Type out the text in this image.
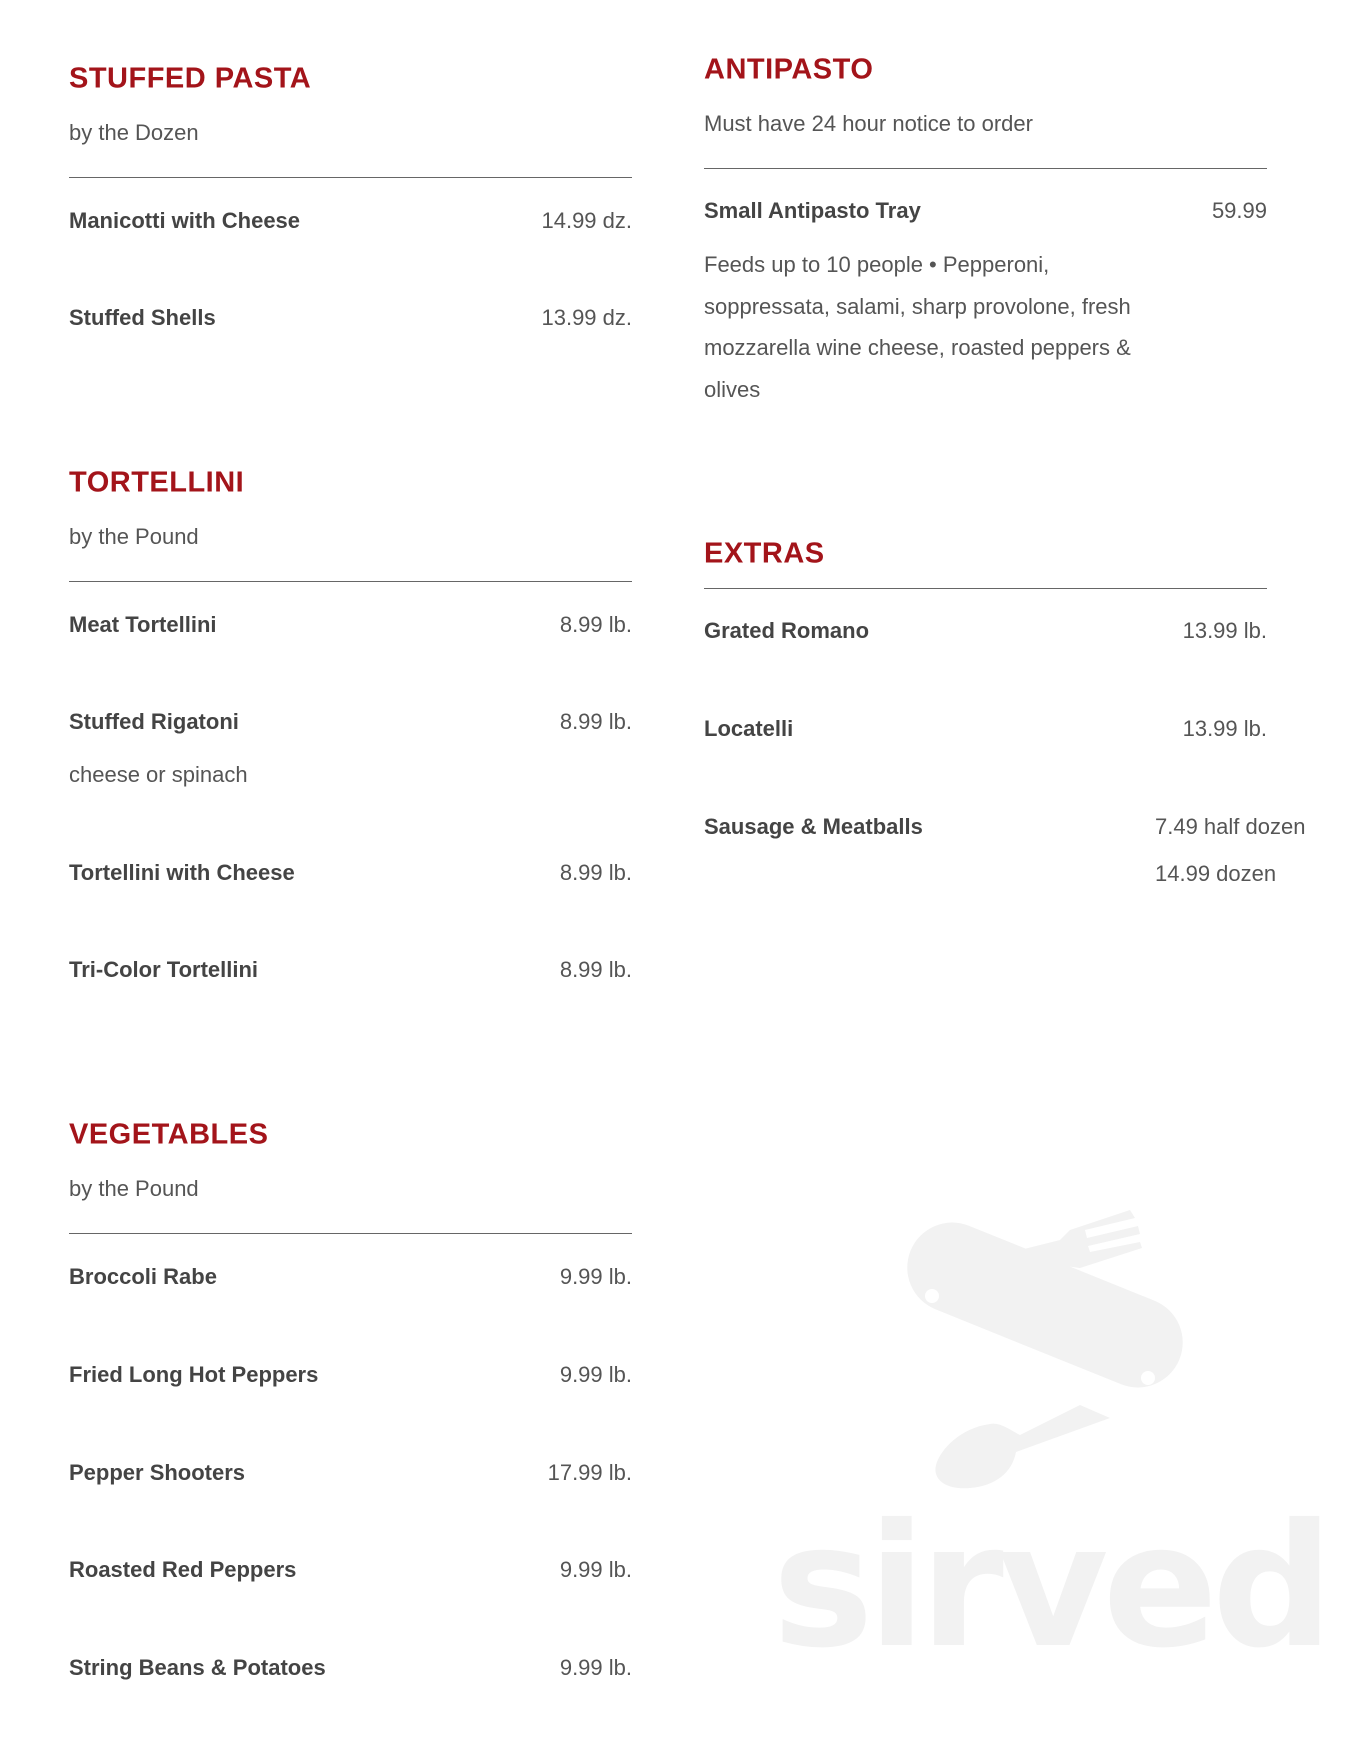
STUFFED PASTA
by the Dozen
Manicotti with Cheese	14.99 dz.
Stuffed Shells	13.99 dz.
TORTELLINI
by the Pound
Meat Tortellini	8.99 lb.
Stuffed Rigatoni	8.99 lb.
cheese or spinach
Tortellini with Cheese	8.99 lb.
Tri-Color Tortellini	8.99 lb.
VEGETABLES
by the Pound
Broccoli Rabe	9.99 lb.
Fried Long Hot Peppers	9.99 lb.
Pepper Shooters	17.99 lb.
Roasted Red Peppers	9.99 lb.
String Beans & Potatoes	9.99 lb.
ANTIPASTO
Must have 24 hour notice to order
Small Antipasto Tray	59.99
Feeds up to 10 people • Pepperoni, soppressata, salami, sharp provolone, fresh mozzarella wine cheese, roasted peppers & olives
EXTRAS
Grated Romano	13.99 lb.
Locatelli	13.99 lb.
Sausage & Meatballs	7.49 half dozen
14.99 dozen
sirved
